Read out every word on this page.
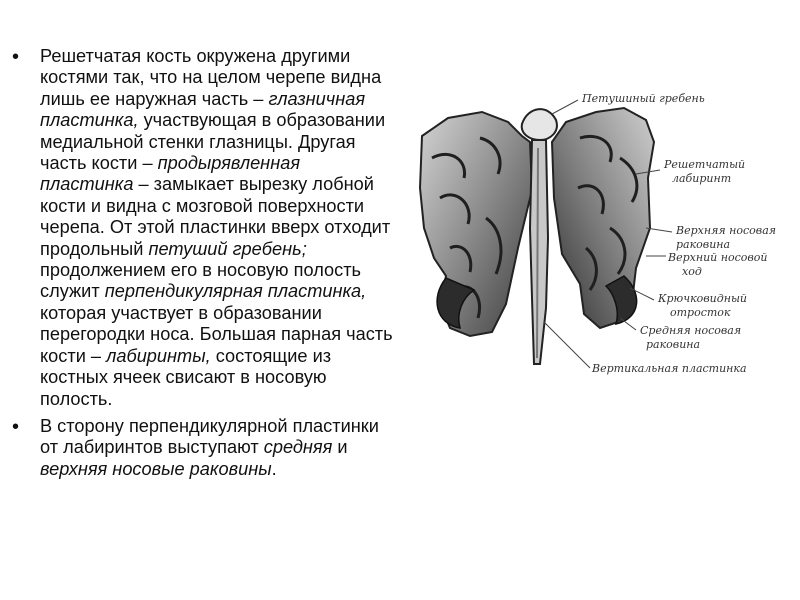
•	Решетчатая кость окружена другими костями так, что на целом черепе видна лишь ее наружная часть – глазничная пластинка, участвующая в образовании медиальной стенки глазницы. Другая часть кости – продырявленная пластинка – замыкает вырезку лобной кости и видна с мозговой поверхности черепа. От этой пластинки вверх отходит продольный петуший гребень; продолжением его в носовую полость служит перпендикулярная пластинка, которая участвует в образовании перегородки носа. Большая парная часть кости – лабиринты, состоящие из костных ячеек свисают в носовую полость.
•	В сторону перпендикулярной пластинки от лабиринтов выступают средняя и верхняя носовые раковины.
Петушиный гребень
Решетчатый
лабиринт
Верхняя носовая
раковина
Верхний носовой
ход
Крючковидный
отросток
Средняя носовая
раковина
Вертикальная пластинка
